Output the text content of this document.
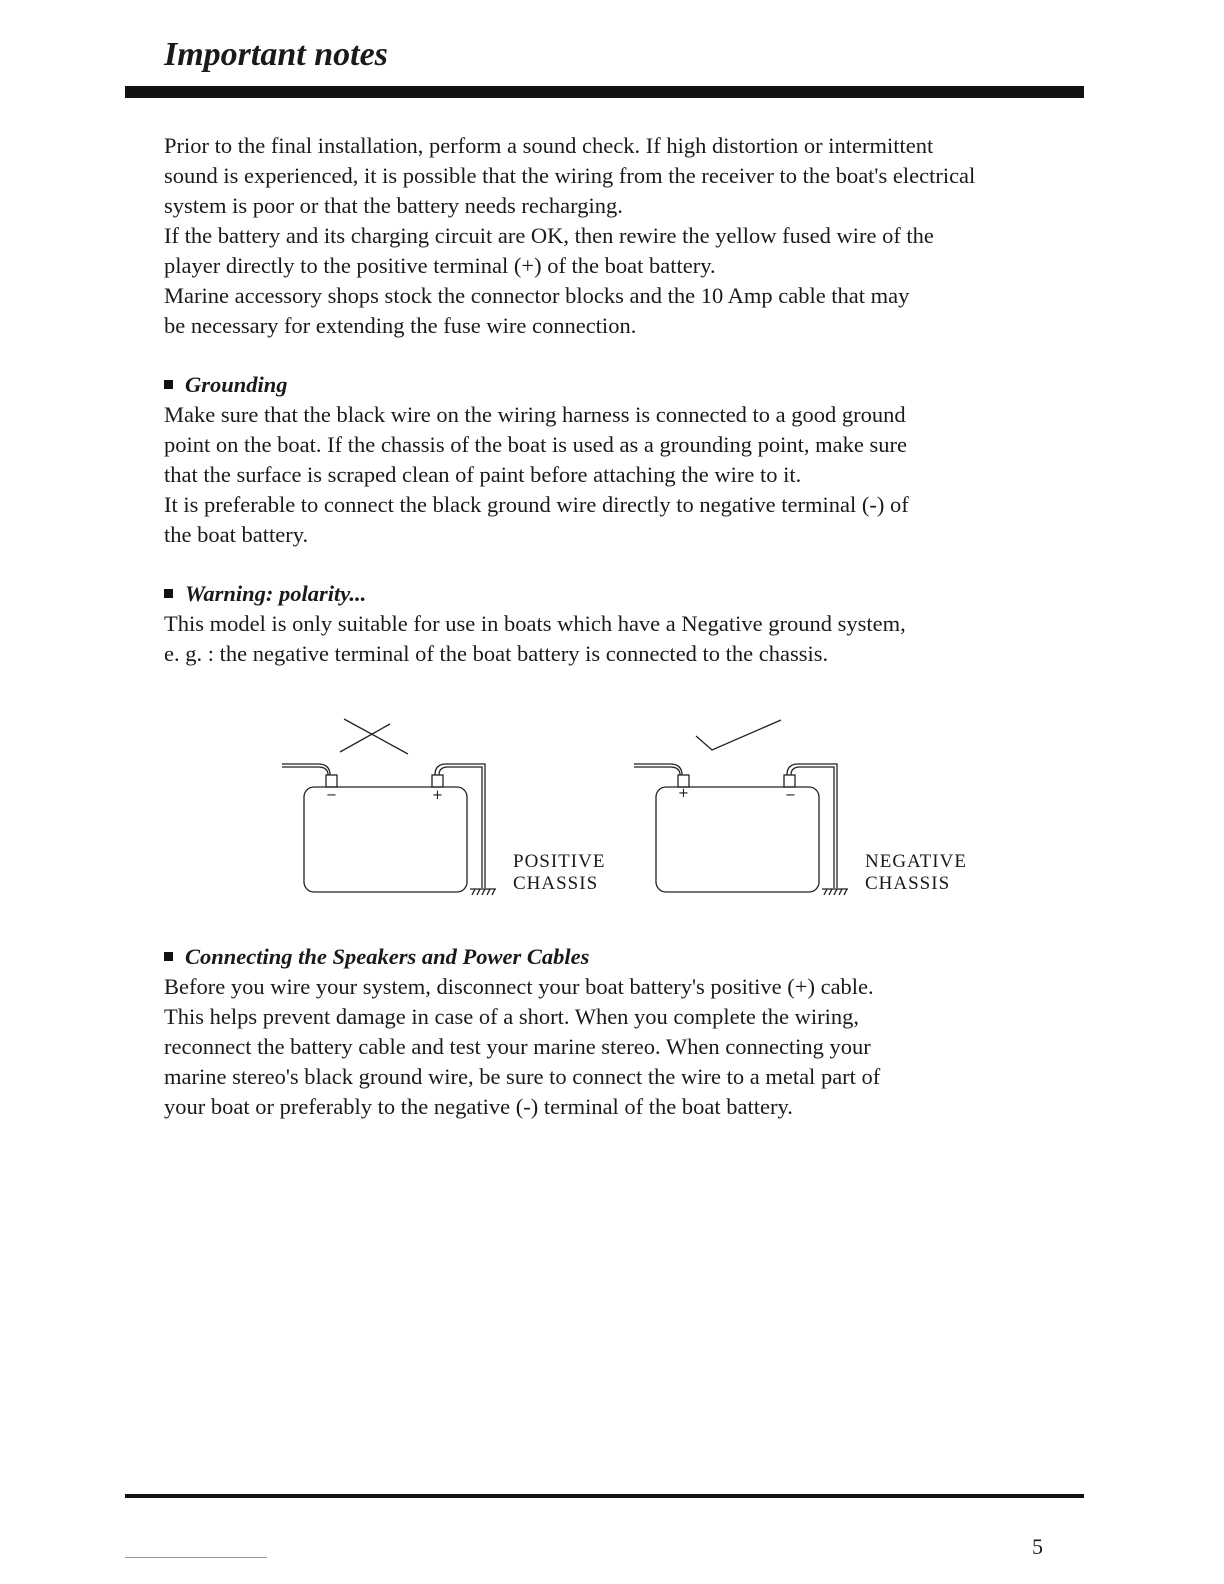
Important notes

Prior to the final installation, perform a sound check. If high distortion or intermittent
sound is experienced, it is possible that the wiring from the receiver to the boat's electrical
system is poor or that the battery needs recharging.
If the battery and its charging circuit are OK, then rewire the yellow fused wire of the
player directly to the positive terminal (+) of the boat battery.
Marine accessory shops stock the connector blocks and the 10 Amp cable that may
be necessary for extending the fuse wire connection.

Grounding

Make sure that the black wire on the wiring harness is connected to a good ground
point on the boat. If the chassis of the boat is used as a grounding point, make sure
that the surface is scraped clean of paint before attaching the wire to it.
It is preferable to connect the black ground wire directly to negative terminal (-) of
the boat battery.

Warning: polarity...

This model is only suitable for use in boats which have a Negative ground system,
e. g. : the negative terminal of the boat battery is connected to the chassis.

−	+
POSITIVE
CHASSIS
+	−
NEGATIVE
CHASSIS
Connecting the Speakers and Power Cables

Before you wire your system, disconnect your boat battery's positive (+) cable.
This helps prevent damage in case of a short. When you complete the wiring,
reconnect the battery cable and test your marine stereo. When connecting your
marine stereo's black ground wire, be sure to connect the wire to a metal part of
your boat or preferably to the negative (-) terminal of the boat battery.

5
